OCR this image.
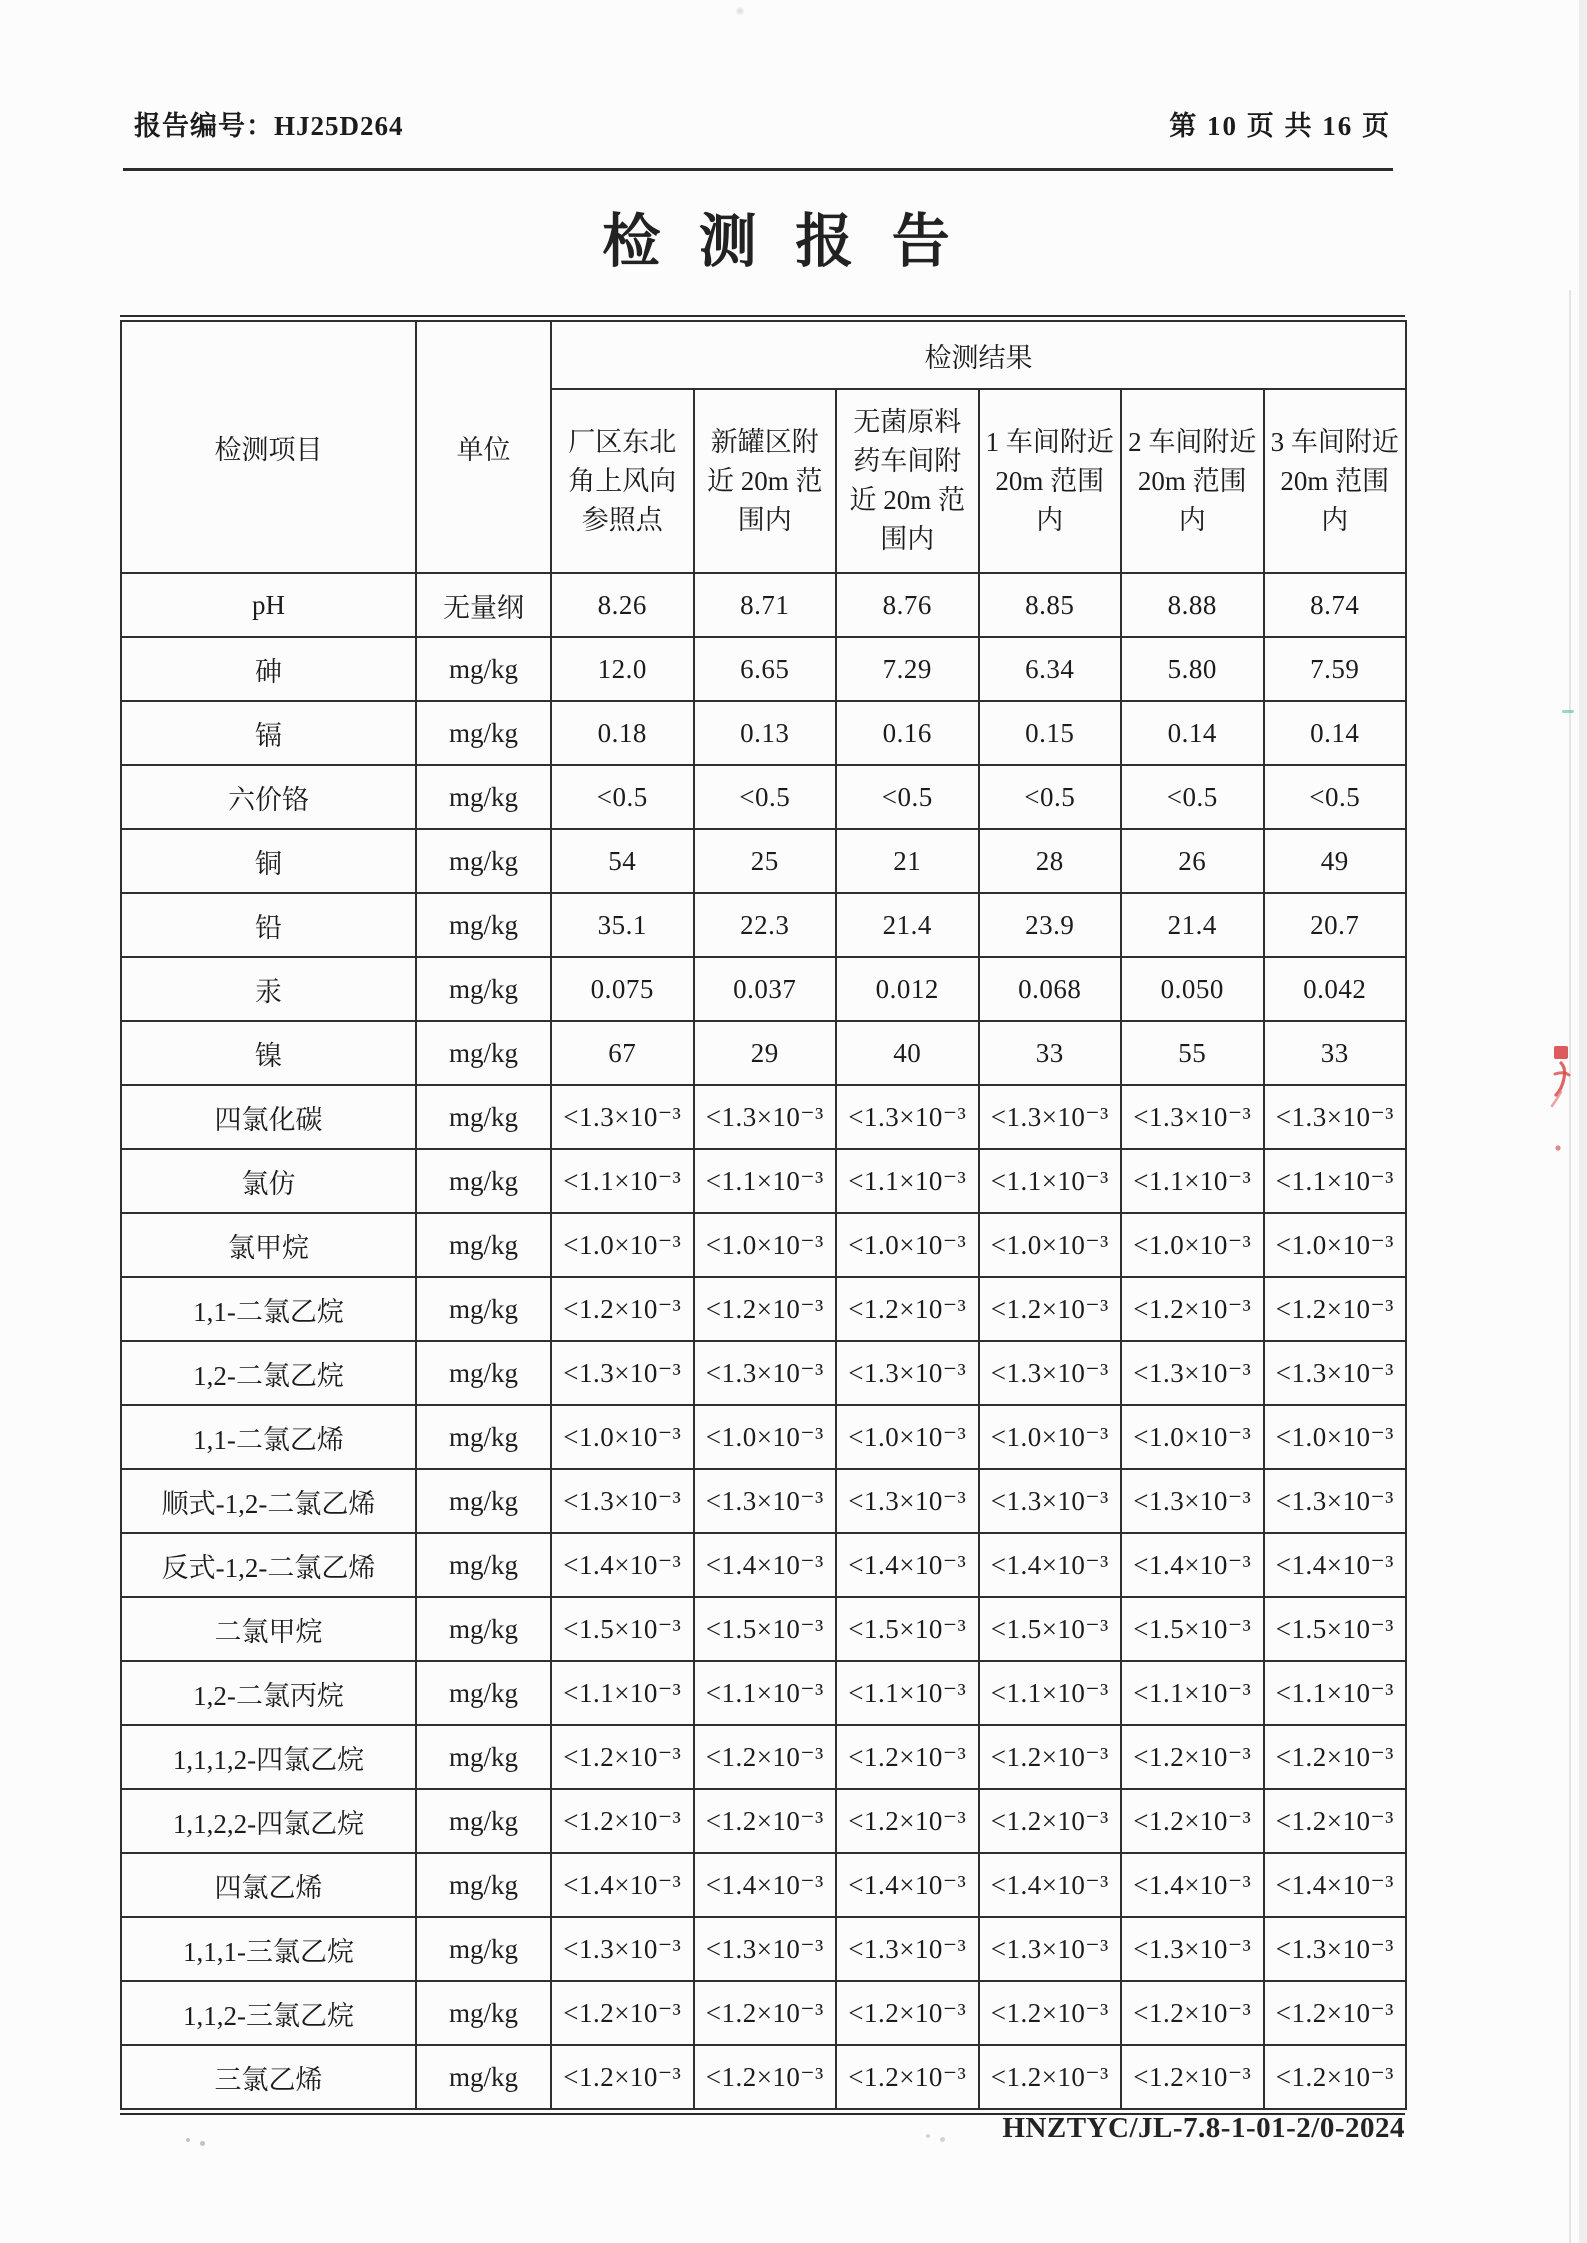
报告编号：HJ25D264	第 10 页 共 16 页
检 测 报 告
检测项目	单位	检测结果					
		厂区东北角上风向参照点	新罐区附近 20m 范围内	无菌原料药车间附近 20m 范围内	1 车间附近 20m 范围内	2 车间附近 20m 范围内	3 车间附近 20m 范围内
pH	无量纲	8.26	8.71	8.76	8.85	8.88	8.74
砷	mg/kg	12.0	6.65	7.29	6.34	5.80	7.59
镉	mg/kg	0.18	0.13	0.16	0.15	0.14	0.14
六价铬	mg/kg	<0.5	<0.5	<0.5	<0.5	<0.5	<0.5
铜	mg/kg	54	25	21	28	26	49
铅	mg/kg	35.1	22.3	21.4	23.9	21.4	20.7
汞	mg/kg	0.075	0.037	0.012	0.068	0.050	0.042
镍	mg/kg	67	29	40	33	55	33
四氯化碳	mg/kg	<1.3×10⁻³	<1.3×10⁻³	<1.3×10⁻³	<1.3×10⁻³	<1.3×10⁻³	<1.3×10⁻³
氯仿	mg/kg	<1.1×10⁻³	<1.1×10⁻³	<1.1×10⁻³	<1.1×10⁻³	<1.1×10⁻³	<1.1×10⁻³
氯甲烷	mg/kg	<1.0×10⁻³	<1.0×10⁻³	<1.0×10⁻³	<1.0×10⁻³	<1.0×10⁻³	<1.0×10⁻³
1,1-二氯乙烷	mg/kg	<1.2×10⁻³	<1.2×10⁻³	<1.2×10⁻³	<1.2×10⁻³	<1.2×10⁻³	<1.2×10⁻³
1,2-二氯乙烷	mg/kg	<1.3×10⁻³	<1.3×10⁻³	<1.3×10⁻³	<1.3×10⁻³	<1.3×10⁻³	<1.3×10⁻³
1,1-二氯乙烯	mg/kg	<1.0×10⁻³	<1.0×10⁻³	<1.0×10⁻³	<1.0×10⁻³	<1.0×10⁻³	<1.0×10⁻³
顺式-1,2-二氯乙烯	mg/kg	<1.3×10⁻³	<1.3×10⁻³	<1.3×10⁻³	<1.3×10⁻³	<1.3×10⁻³	<1.3×10⁻³
反式-1,2-二氯乙烯	mg/kg	<1.4×10⁻³	<1.4×10⁻³	<1.4×10⁻³	<1.4×10⁻³	<1.4×10⁻³	<1.4×10⁻³
二氯甲烷	mg/kg	<1.5×10⁻³	<1.5×10⁻³	<1.5×10⁻³	<1.5×10⁻³	<1.5×10⁻³	<1.5×10⁻³
1,2-二氯丙烷	mg/kg	<1.1×10⁻³	<1.1×10⁻³	<1.1×10⁻³	<1.1×10⁻³	<1.1×10⁻³	<1.1×10⁻³
1,1,1,2-四氯乙烷	mg/kg	<1.2×10⁻³	<1.2×10⁻³	<1.2×10⁻³	<1.2×10⁻³	<1.2×10⁻³	<1.2×10⁻³
1,1,2,2-四氯乙烷	mg/kg	<1.2×10⁻³	<1.2×10⁻³	<1.2×10⁻³	<1.2×10⁻³	<1.2×10⁻³	<1.2×10⁻³
四氯乙烯	mg/kg	<1.4×10⁻³	<1.4×10⁻³	<1.4×10⁻³	<1.4×10⁻³	<1.4×10⁻³	<1.4×10⁻³
1,1,1-三氯乙烷	mg/kg	<1.3×10⁻³	<1.3×10⁻³	<1.3×10⁻³	<1.3×10⁻³	<1.3×10⁻³	<1.3×10⁻³
1,1,2-三氯乙烷	mg/kg	<1.2×10⁻³	<1.2×10⁻³	<1.2×10⁻³	<1.2×10⁻³	<1.2×10⁻³	<1.2×10⁻³
三氯乙烯	mg/kg	<1.2×10⁻³	<1.2×10⁻³	<1.2×10⁻³	<1.2×10⁻³	<1.2×10⁻³	<1.2×10⁻³
HNZTYC/JL-7.8-1-01-2/0-2024
